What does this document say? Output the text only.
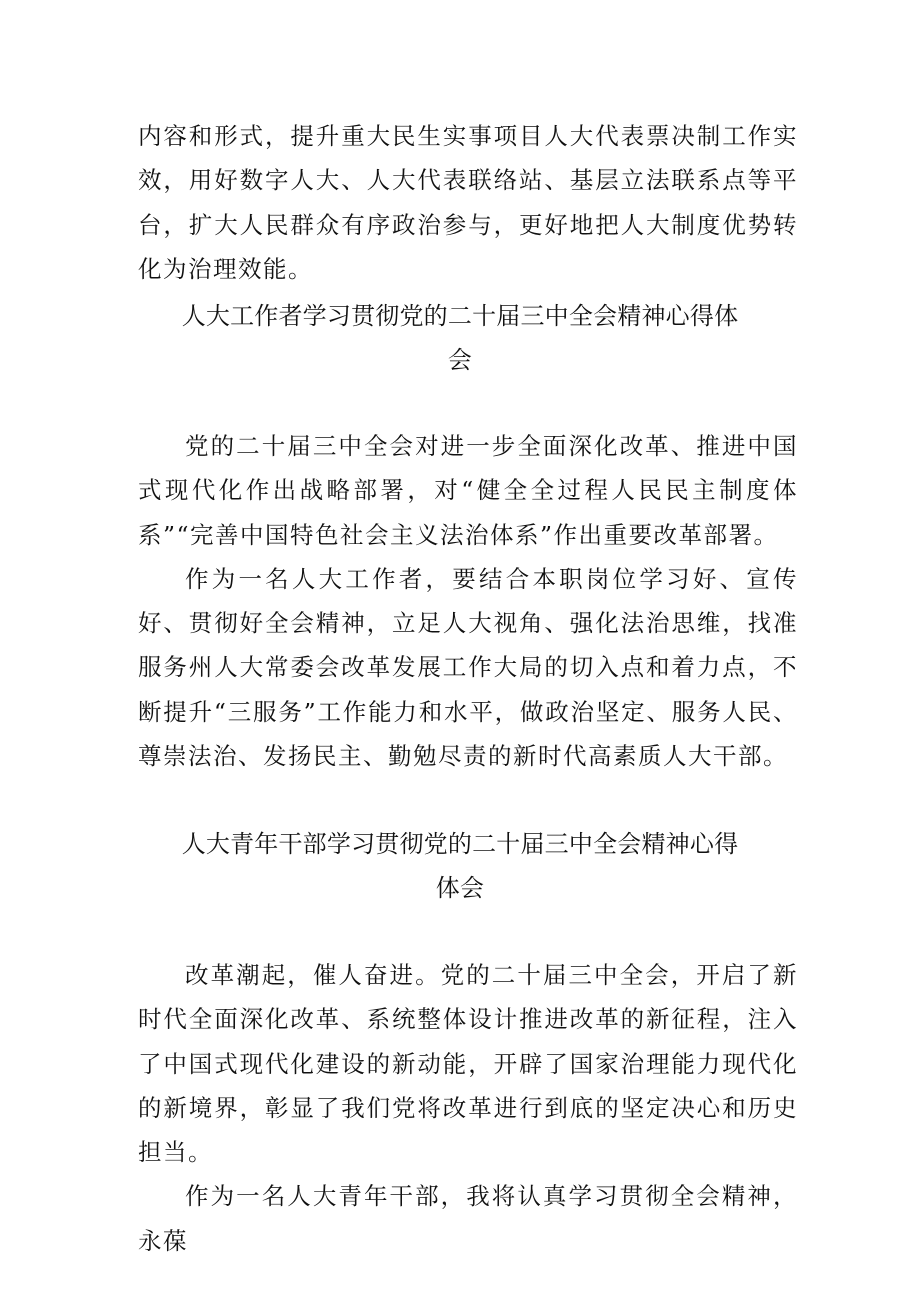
内容和形式，提升重大民生实事项目人大代表票决制工作实效，用好数字人大、人大代表联络站、基层立法联系点等平台，扩大人民群众有序政治参与，更好地把人大制度优势转化为治理效能。

人大工作者学习贯彻党的二十届三中全会精神心得体
会

党的二十届三中全会对进一步全面深化改革、推进中国式现代化作出战略部署，对“健全全过程人民民主制度体系”“完善中国特色社会主义法治体系”作出重要改革部署。

作为一名人大工作者，要结合本职岗位学习好、宣传好、贯彻好全会精神，立足人大视角、强化法治思维，找准服务州人大常委会改革发展工作大局的切入点和着力点，不断提升“三服务”工作能力和水平，做政治坚定、服务人民、尊崇法治、发扬民主、勤勉尽责的新时代高素质人大干部。

人大青年干部学习贯彻党的二十届三中全会精神心得
体会

改革潮起，催人奋进。党的二十届三中全会，开启了新时代全面深化改革、系统整体设计推进改革的新征程，注入了中国式现代化建设的新动能，开辟了国家治理能力现代化的新境界，彰显了我们党将改革进行到底的坚定决心和历史担当。

作为一名人大青年干部，我将认真学习贯彻全会精神，永葆
